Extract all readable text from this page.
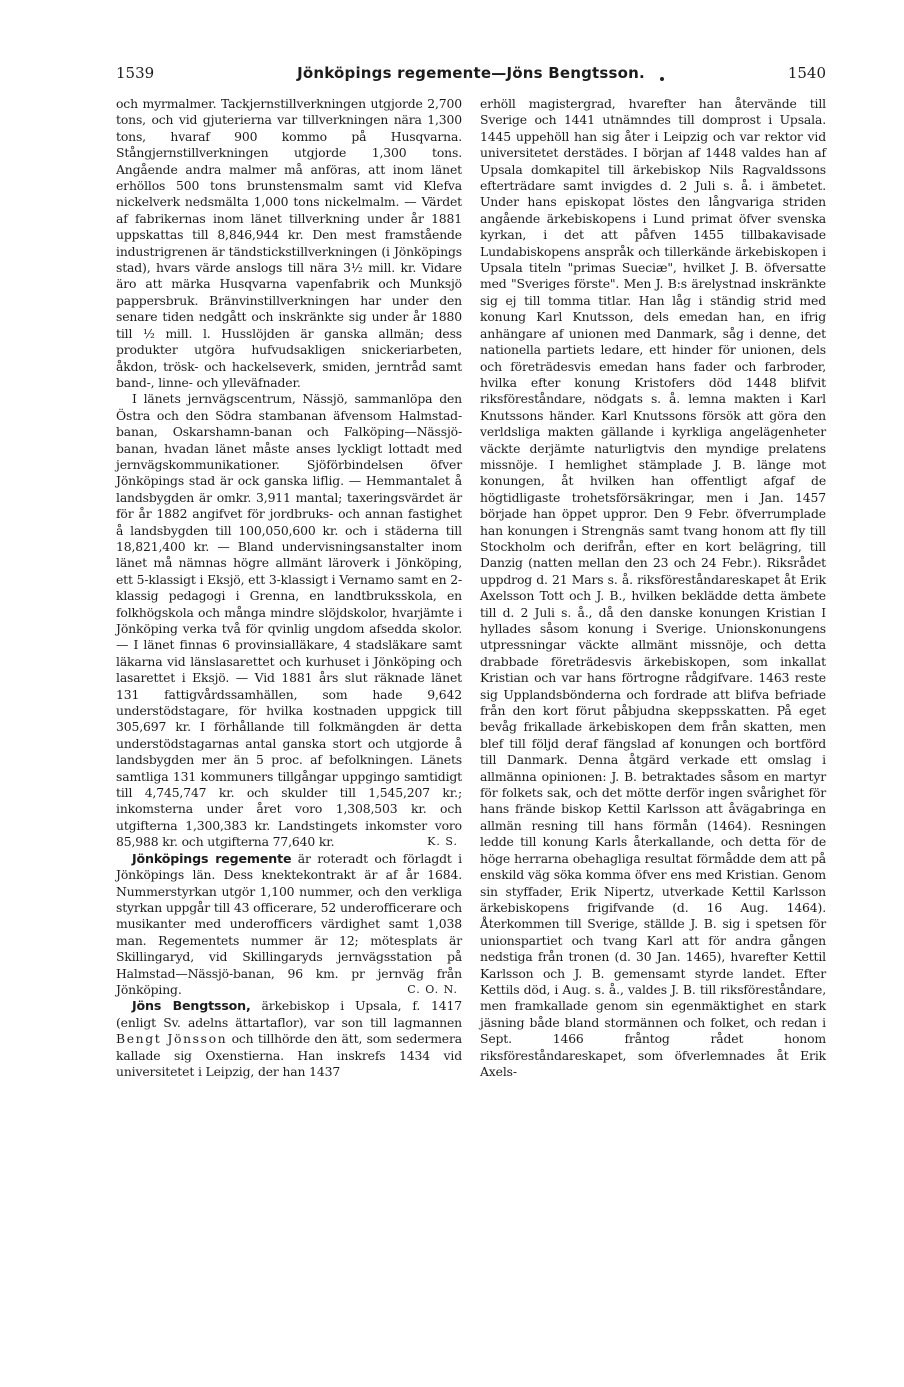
1539	Jönköpings regemente—Jöns Bengtsson.	1540

och myrmalmer. Tackjernstillverkningen utgjorde 2,700 tons, och vid gjuterierna var tillverkningen nära 1,300 tons, hvaraf 900 kommo på Husqvarna. Stångjernstillverkningen utgjorde 1,300 tons. Angående andra malmer må anföras, att inom länet erhöllos 500 tons brunstensmalm samt vid Klefva nickelverk nedsmälta 1,000 tons nickelmalm. — Värdet af fabrikernas inom länet tillverkning under år 1881 uppskattas till 8,846,944 kr. Den mest framstående industrigrenen är tändstickstillverkningen (i Jönköpings stad), hvars värde anslogs till nära 3½ mill. kr. Vidare äro att märka Husqvarna vapenfabrik och Munksjö pappersbruk. Bränvinstillverkningen har under den senare tiden nedgått och inskränkte sig under år 1880 till ½ mill. l. Husslöjden är ganska allmän; dess produkter utgöra hufvudsakligen snickeriarbeten, åkdon, trösk- och hackelseverk, smiden, jerntråd samt band-, linne- och ylleväfnader.

I länets jernvägscentrum, Nässjö, sammanlöpa den Östra och den Södra stambanan äfvensom Halmstad-banan, Oskarshamn-banan och Falköping—Nässjö-banan, hvadan länet måste anses lyckligt lottadt med jernvägskommunikationer. Sjöförbindelsen öfver Jönköpings stad är ock ganska liflig. — Hemmantalet å landsbygden är omkr. 3,911 mantal; taxeringsvärdet är för år 1882 angifvet för jordbruks- och annan fastighet å landsbygden till 100,050,600 kr. och i städerna till 18,821,400 kr. — Bland undervisningsanstalter inom länet må nämnas högre allmänt läroverk i Jönköping, ett 5-klassigt i Eksjö, ett 3-klassigt i Vernamo samt en 2-klassig pedagogi i Grenna, en landtbruksskola, en folkhögskola och många mindre slöjdskolor, hvarjämte i Jönköping verka två för qvinlig ungdom afsedda skolor. — I länet finnas 6 provinsialläkare, 4 stadsläkare samt läkarna vid länslasarettet och kurhuset i Jönköping och lasarettet i Eksjö. — Vid 1881 års slut räknade länet 131 fattigvårdssamhällen, som hade 9,642 understödstagare, för hvilka kostnaden uppgick till 305,697 kr. I förhållande till folkmängden är detta understödstagarnas antal ganska stort och utgjorde å landsbygden mer än 5 proc. af befolkningen. Länets samtliga 131 kommuners tillgångar uppgingo samtidigt till 4,745,747 kr. och skulder till 1,545,207 kr.; inkomsterna under året voro 1,308,503 kr. och utgifterna 1,300,383 kr. Landstingets inkomster voro 85,988 kr. och utgifterna 77,640 kr.	K. S.

Jönköpings regemente är roteradt och förlagdt i Jönköpings län. Dess knektekontrakt är af år 1684. Nummerstyrkan utgör 1,100 nummer, och den verkliga styrkan uppgår till 43 officerare, 52 underofficerare och musikanter med underofficers värdighet samt 1,038 man. Regementets nummer är 12; mötesplats är Skillingaryd, vid Skillingaryds jernvägsstation på Halmstad—Nässjö-banan, 96 km. pr jernväg från Jönköping.	C. O. N.

Jöns Bengtsson, ärkebiskop i Upsala, f. 1417 (enligt Sv. adelns ättartaflor), var son till lagmannen Bengt Jönsson och tillhörde den ätt, som sedermera kallade sig Oxenstierna. Han inskrefs 1434 vid universitetet i Leipzig, der han 1437

erhöll magistergrad, hvarefter han återvände till Sverige och 1441 utnämndes till domprost i Upsala. 1445 uppehöll han sig åter i Leipzig och var rektor vid universitetet derstädes. I början af 1448 valdes han af Upsala domkapitel till ärkebiskop Nils Ragvaldssons efterträdare samt invigdes d. 2 Juli s. å. i ämbetet. Under hans episkopat löstes den långvariga striden angående ärkebiskopens i Lund primat öfver svenska kyrkan, i det att påfven 1455 tillbakavisade Lundabiskopens anspråk och tillerkände ärkebiskopen i Upsala titeln "primas Sueciæ", hvilket J. B. öfversatte med "Sveriges förste". Men J. B:s ärelystnad inskränkte sig ej till tomma titlar. Han låg i ständig strid med konung Karl Knutsson, dels emedan han, en ifrig anhängare af unionen med Danmark, såg i denne, det nationella partiets ledare, ett hinder för unionen, dels och företrädesvis emedan hans fader och farbroder, hvilka efter konung Kristofers död 1448 blifvit riksföreståndare, nödgats s. å. lemna makten i Karl Knutssons händer. Karl Knutssons försök att göra den verldsliga makten gällande i kyrkliga angelägenheter väckte derjämte naturligtvis den myndige prelatens missnöje. I hemlighet stämplade J. B. länge mot konungen, åt hvilken han offentligt afgaf de högtidligaste trohetsförsäkringar, men i Jan. 1457 började han öppet uppror. Den 9 Febr. öfverrumplade han konungen i Strengnäs samt tvang honom att fly till Stockholm och derifrån, efter en kort belägring, till Danzig (natten mellan den 23 och 24 Febr.). Riksrådet uppdrog d. 21 Mars s. å. riksföreståndareskapet åt Erik Axelsson Tott och J. B., hvilken beklädde detta ämbete till d. 2 Juli s. å., då den danske konungen Kristian I hyllades såsom konung i Sverige. Unionskonungens utpressningar väckte allmänt missnöje, och detta drabbade företrädesvis ärkebiskopen, som inkallat Kristian och var hans förtrogne rådgifvare. 1463 reste sig Upplandsbönderna och fordrade att blifva befriade från den kort förut påbjudna skeppsskatten. På eget bevåg frikallade ärkebiskopen dem från skatten, men blef till följd deraf fängslad af konungen och bortförd till Danmark. Denna åtgärd verkade ett omslag i allmänna opinionen: J. B. betraktades såsom en martyr för folkets sak, och det mötte derför ingen svårighet för hans frände biskop Kettil Karlsson att åvägabringa en allmän resning till hans förmån (1464). Resningen ledde till konung Karls återkallande, och detta för de höge herrarna obehagliga resultat förmådde dem att på enskild väg söka komma öfver ens med Kristian. Genom sin styffader, Erik Nipertz, utverkade Kettil Karlsson ärkebiskopens frigifvande (d. 16 Aug. 1464). Återkommen till Sverige, ställde J. B. sig i spetsen för unionspartiet och tvang Karl att för andra gången nedstiga från tronen (d. 30 Jan. 1465), hvarefter Kettil Karlsson och J. B. gemensamt styrde landet. Efter Kettils död, i Aug. s. å., valdes J. B. till riksföreståndare, men framkallade genom sin egenmäktighet en stark jäsning både bland stormännen och folket, och redan i Sept. 1466 fråntog rådet honom riksföreståndareskapet, som öfverlemnades åt Erik Axels-
